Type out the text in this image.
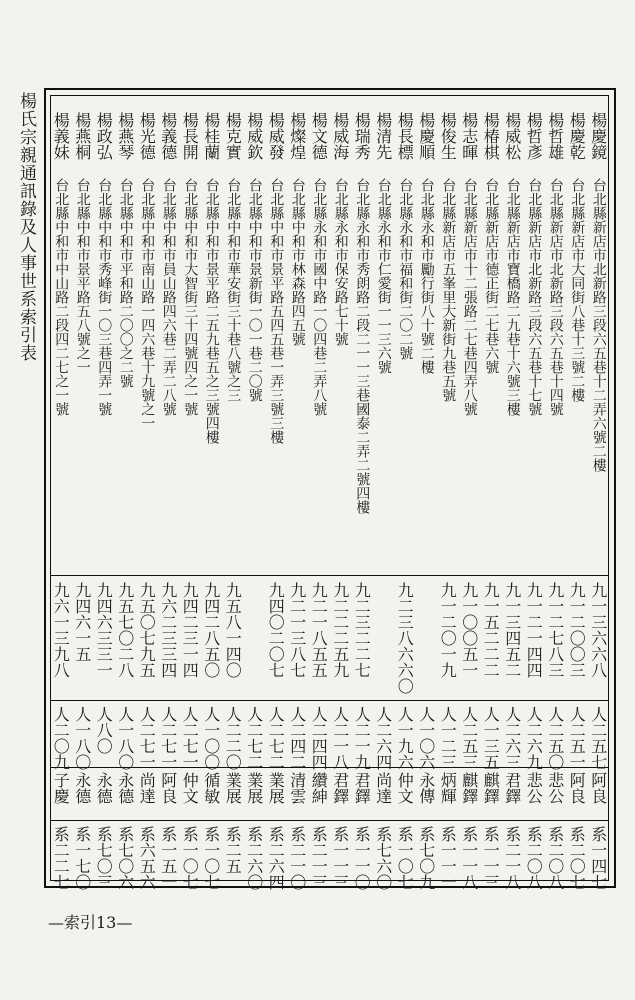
楊氏宗親通訊錄及人事世系索引表	楊慶鏡
楊慶乾
楊哲雄
楊哲彥
楊威松
楊椿棋
楊志暉
楊俊生
楊慶順
楊長標
楊清先
楊瑞秀
楊威海
楊文德
楊燦煌
楊威發
楊威欽
楊克實
楊桂蘭
楊長開
楊義德
楊光德
楊燕琴
楊政弘
楊燕桐
楊義妹
台北縣新店市北新路三段六五巷十二弄六號二樓
台北縣新店市大同街八巷十三號二樓
台北縣新店市北新路三段六五巷十四號
台北縣新店市北新路三段六五巷十七號
台北縣新店市寶橋路二九巷十六號三樓
台北縣新店市德正街二七巷六號
台北縣新店市十二張路二七巷四弄八號
台北縣新店市五峯里大新街九巷五號
台北縣永和市勵行街八十號二樓
台北縣永和市福和街二〇二號
台北縣永和市仁愛街一一三六號
台北縣永和市秀朗路二段二一一三巷國泰二弄二號四樓
台北縣永和市保安路七十號
台北縣永和市國中路一〇四巷二弄八號
台北縣中和市林森路四五號
台北縣中和市景平路五四五巷一弄三號三樓
台北縣中和市景新街一〇一巷二〇號
台北縣中和市華安街三十巷八號之三
台北縣中和市景平路二五九巷五之三號四樓
台北縣中和市大智街三十四號四之一號
台北縣中和市員山路四六巷二弄二八號
台北縣中和市南山路一四六巷十九號之一
台北縣中和市平和路二〇〇之二號
台北縣中和市秀峰街一〇三巷四弄一號
台北縣中和市景平路五八號之一
台北縣中和市中山路二段四二七之一號
九一三六六八
九一二〇〇三
九一二七八三
九一二一四四
九一三四五二
九一五二二二
九一〇〇五一
九一二〇一九
九二三八六六〇
九二三二二七
九二二二五九
九二一八五五
九二一三八七
九四〇二〇七
九五八一四〇
九四二八五〇
九四二三一四
九六二三三四
九五〇七九五
九五七〇二八
九四六三三一
九四六一五
九六一三九八
人二五七
人二五一
人二五〇
人二六九
人二六三
人一三五
人二五三
人一二三
人一〇六
人一九六
人二六四
人二一九
人二一八
人二四四
人二四二
人二七二
人二七二
人二二〇
人一〇〇
人二七一
人二七一
人二七一
人一八〇
人八〇
人一八〇
人二〇九
阿良
阿良
悲公
悲公
君鐸
麒鐸
麒鐸
炳輝
永傳
仲文
尚達
君鐸
君鐸
纘紳
清雲
業展
業展
業展
循敏
仲文
阿良
尚達
永德
永德
永德
子慶
系一四七
系二〇七
系二〇八
系二〇八
系二一八
系一一三
系一一八
系一一一
系七〇九
系一〇七
系七六〇
系一一〇
系一一三
系二一三
系二一〇
系二六四
系二六〇
系二五
系一〇七
系一〇七
系一五一
系六五六
系七〇六
系七〇三
系一七〇
系二二七
—索引13—
